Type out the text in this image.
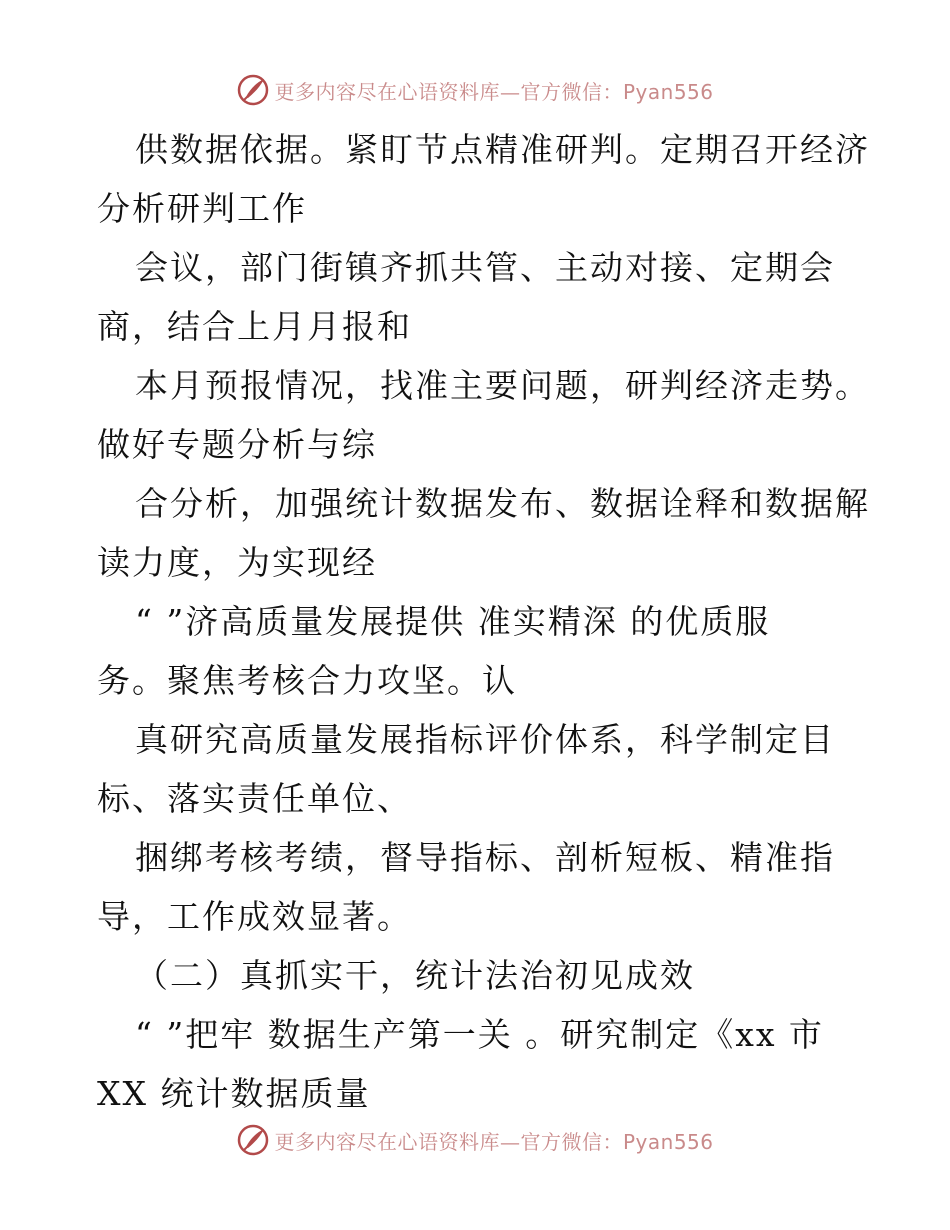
更多内容尽在心语资料库—官方微信：Pyan556
供数据依据。紧盯节点精准研判。定期召开经济
分析研判工作
会议，部门街镇齐抓共管、主动对接、定期会
商，结合上月月报和
本月预报情况，找准主要问题，研判经济走势。
做好专题分析与综
合分析，加强统计数据发布、数据诠释和数据解
读力度，为实现经
“ ”济高质量发展提供 准实精深 的优质服
务。聚焦考核合力攻坚。认
真研究高质量发展指标评价体系，科学制定目
标、落实责任单位、
捆绑考核考绩，督导指标、剖析短板、精准指
导，工作成效显著。
（二）真抓实干，统计法治初见成效
“ ”把牢 数据生产第一关 。研究制定《xx 市
XX 统计数据质量
更多内容尽在心语资料库—官方微信：Pyan556
